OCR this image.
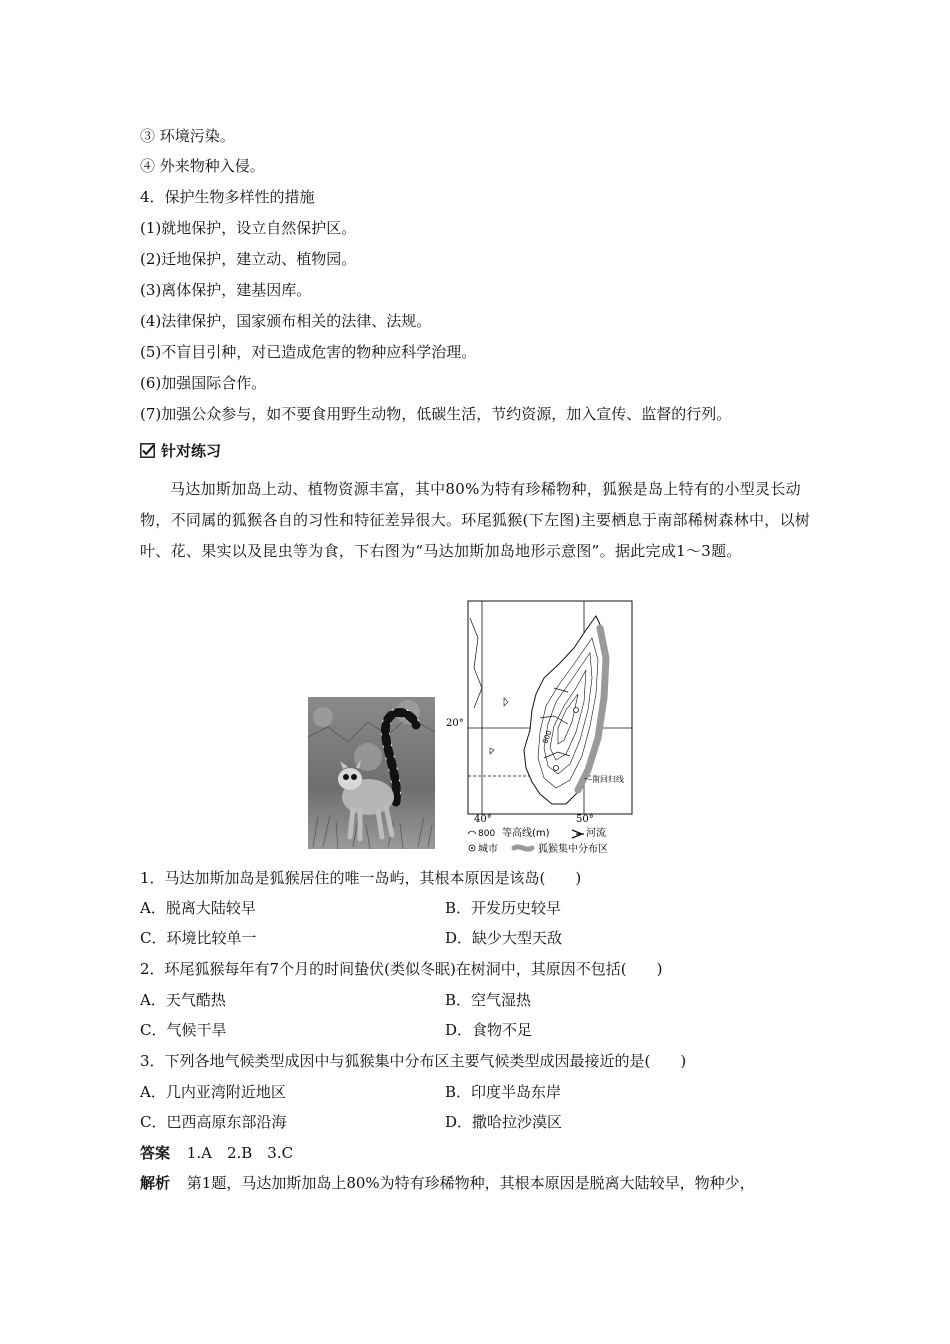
③ 环境污染。
④ 外来物种入侵。
4．保护生物多样性的措施
(1)就地保护，设立自然保护区。
(2)迁地保护，建立动、植物园。
(3)离体保护，建基因库。
(4)法律保护，国家颁布相关的法律、法规。
(5)不盲目引种，对已造成危害的物种应科学治理。
(6)加强国际合作。
(7)加强公众参与，如不要食用野生动物，低碳生活，节约资源，加入宣传、监督的行列。
针对练习
马达加斯加岛上动、植物资源丰富，其中80%为特有珍稀物种，狐猴是岛上特有的小型灵长动物，不同属的狐猴各自的习性和特征差异很大。环尾狐猴(下左图)主要栖息于南部稀树森林中，以树叶、花、果实以及昆虫等为食，下右图为“马达加斯加岛地形示意图”。据此完成1～3题。
800
20°
40°	50°
南回归线
800 等高线(m)	河流
城市	狐猴集中分布区
1．马达加斯加岛是狐猴居住的唯一岛屿，其根本原因是该岛(　　)
A．脱离大陆较早	B．开发历史较早
C．环境比较单一	D．缺少大型天敌
2．环尾狐猴每年有7个月的时间蛰伏(类似冬眠)在树洞中，其原因不包括(　　)
A．天气酷热	B．空气湿热
C．气候干旱	D．食物不足
3．下列各地气候类型成因中与狐猴集中分布区主要气候类型成因最接近的是(　　)
A．几内亚湾附近地区	B．印度半岛东岸
C．巴西高原东部沿海	D．撒哈拉沙漠区
答案 1.A　2.B　3.C
解析 第1题，马达加斯加岛上80%为特有珍稀物种，其根本原因是脱离大陆较早，物种少，
